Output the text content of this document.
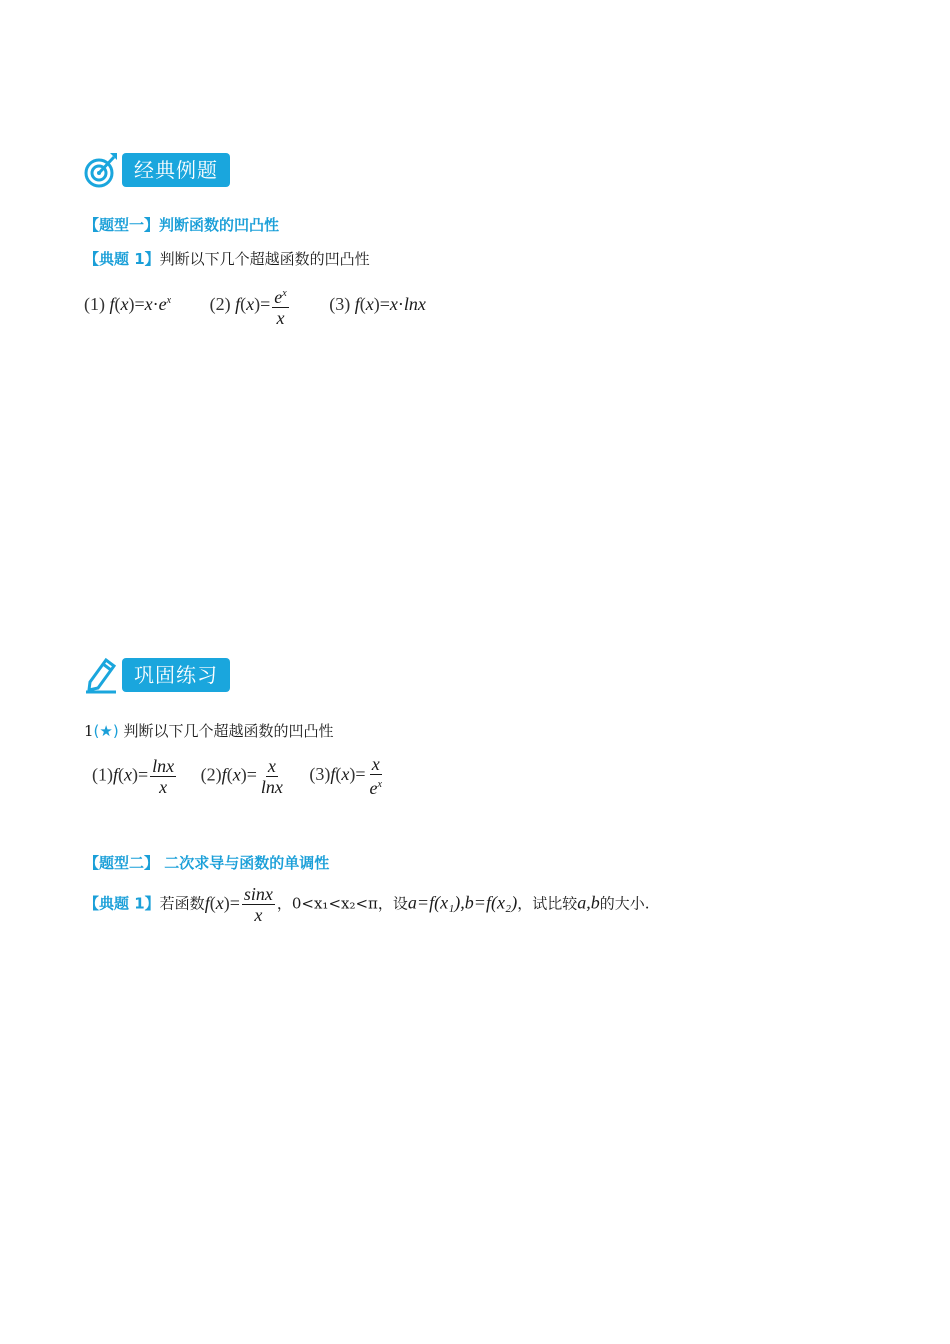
经典例题
【题型一】判断函数的凹凸性
【典题 1】判断以下几个超越函数的凹凸性
(1) $f(x)=x\cdot e^x$ (2) $f(x)= \frac{e^x}{x} (3)$ f(x)=x·lnx
巩固练习
1(★) 判断以下几个超越函数的凹凸性
$(1)f(x)= \frac{\ln x}{x} (2)f(x)= \frac{x}{\ln x} (3)f(x)= \frac{x}{e^x}$
【题型二】 二次求导与函数的单调性
【典题 1】若函数$f(x)= \frac{\sin x}{x}$ ，0<x₁<x₂<π，设a=f(x₁),b=f(x₂)，试比较a,b的大小.
